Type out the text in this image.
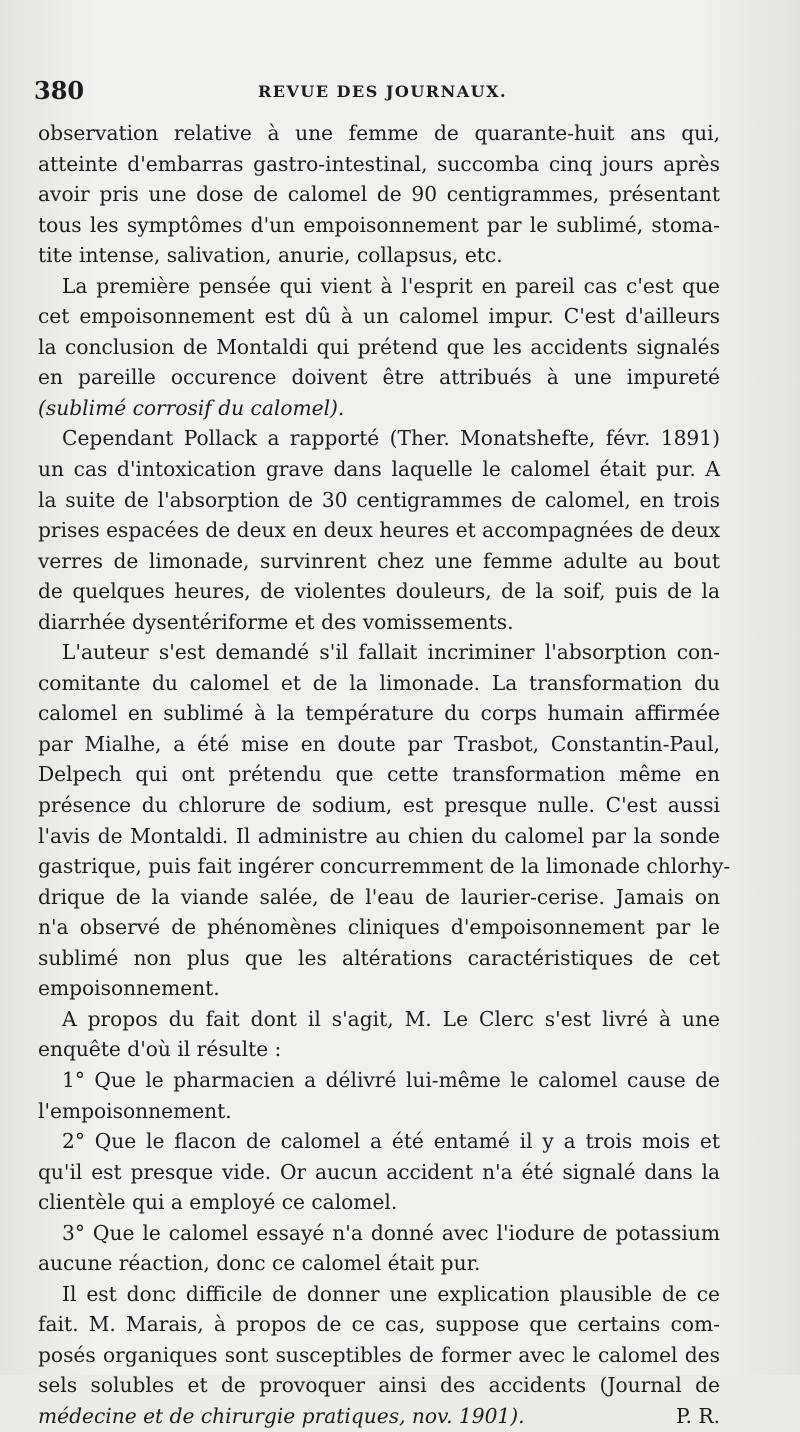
380	REVUE DES JOURNAUX.
observation relative à une femme de quarante-huit ans qui,
atteinte d'embarras gastro-intestinal, succomba cinq jours après
avoir pris une dose de calomel de 90 centigrammes, présentant
tous les symptômes d'un empoisonnement par le sublimé, stoma-
tite intense, salivation, anurie, collapsus, etc.
La première pensée qui vient à l'esprit en pareil cas c'est que
cet empoisonnement est dû à un calomel impur. C'est d'ailleurs
la conclusion de Montaldi qui prétend que les accidents signalés
en pareille occurence doivent être attribués à une impureté
(sublimé corrosif du calomel).
Cependant Pollack a rapporté (Ther. Monatshefte, févr. 1891)
un cas d'intoxication grave dans laquelle le calomel était pur. A
la suite de l'absorption de 30 centigrammes de calomel, en trois
prises espacées de deux en deux heures et accompagnées de deux
verres de limonade, survinrent chez une femme adulte au bout
de quelques heures, de violentes douleurs, de la soif, puis de la
diarrhée dysentériforme et des vomissements.
L'auteur s'est demandé s'il fallait incriminer l'absorption con-
comitante du calomel et de la limonade. La transformation du
calomel en sublimé à la température du corps humain affirmée
par Mialhe, a été mise en doute par Trasbot, Constantin-Paul,
Delpech qui ont prétendu que cette transformation même en
présence du chlorure de sodium, est presque nulle. C'est aussi
l'avis de Montaldi. Il administre au chien du calomel par la sonde
gastrique, puis fait ingérer concurremment de la limonade chlorhy-
drique de la viande salée, de l'eau de laurier-cerise. Jamais on
n'a observé de phénomènes cliniques d'empoisonnement par le
sublimé non plus que les altérations caractéristiques de cet
empoisonnement.
A propos du fait dont il s'agit, M. Le Clerc s'est livré à une
enquête d'où il résulte :
1° Que le pharmacien a délivré lui-même le calomel cause de
l'empoisonnement.
2° Que le flacon de calomel a été entamé il y a trois mois et
qu'il est presque vide. Or aucun accident n'a été signalé dans la
clientèle qui a employé ce calomel.
3° Que le calomel essayé n'a donné avec l'iodure de potassium
aucune réaction, donc ce calomel était pur.
Il est donc difficile de donner une explication plausible de ce
fait. M. Marais, à propos de ce cas, suppose que certains com-
posés organiques sont susceptibles de former avec le calomel des
sels solubles et de provoquer ainsi des accidents (Journal de
médecine et de chirurgie pratiques, nov. 1901).	P. R.
